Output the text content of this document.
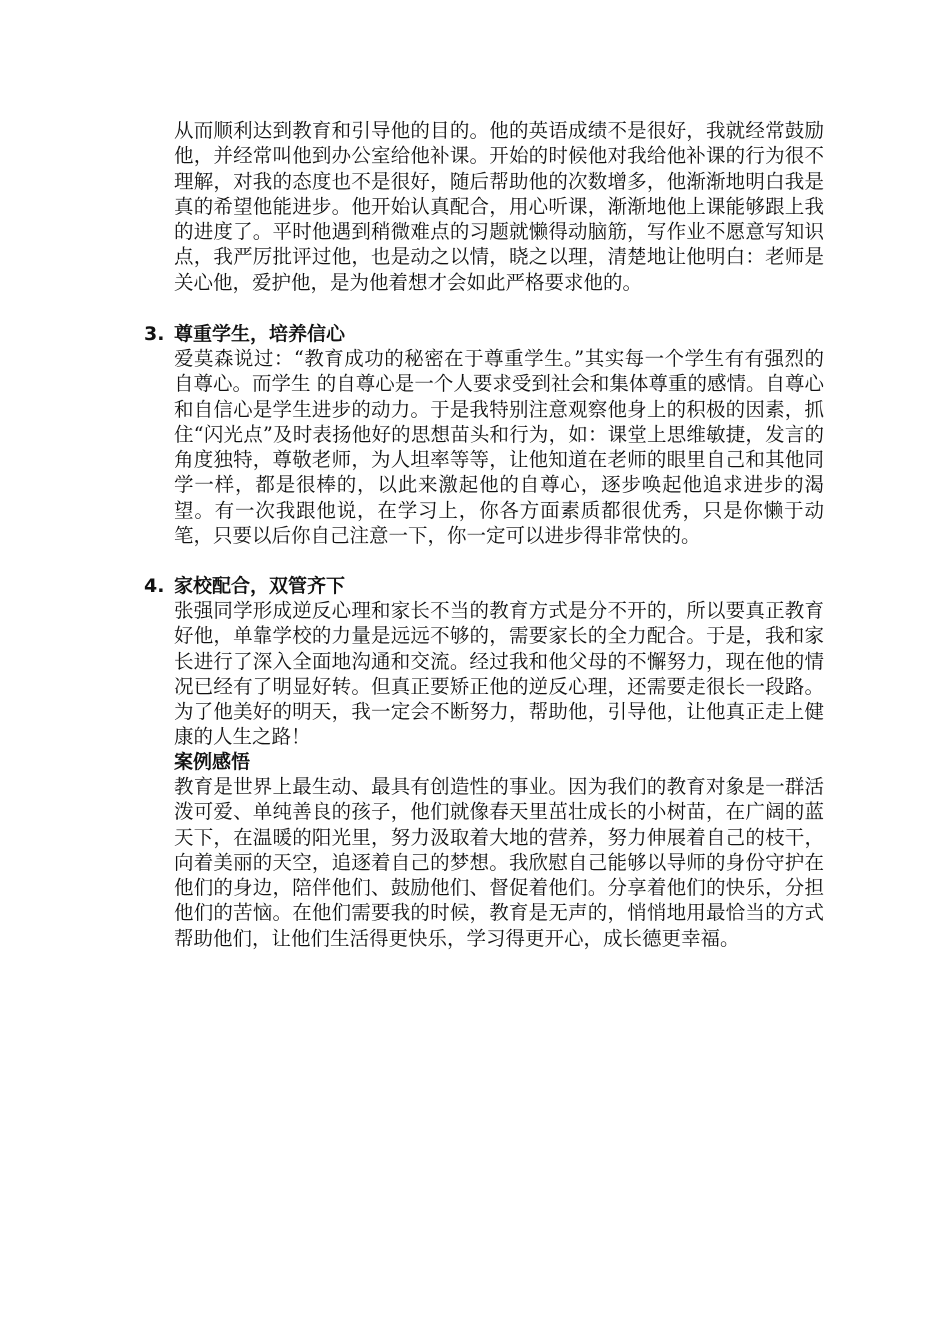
从而顺利达到教育和引导他的目的。他的英语成绩不是很好，我就经常鼓励他，并经常叫他到办公室给他补课。开始的时候他对我给他补课的行为很不理解，对我的态度也不是很好，随后帮助他的次数增多，他渐渐地明白我是真的希望他能进步。他开始认真配合，用心听课，渐渐地他上课能够跟上我的进度了。平时他遇到稍微难点的习题就懒得动脑筋，写作业不愿意写知识点，我严厉批评过他，也是动之以情，晓之以理，清楚地让他明白：老师是关心他，爱护他，是为他着想才会如此严格要求他的。

3. 尊重学生，培养信心

爱莫森说过：“教育成功的秘密在于尊重学生。”其实每一个学生有有强烈的自尊心。而学生 的自尊心是一个人要求受到社会和集体尊重的感情。自尊心和自信心是学生进步的动力。于是我特别注意观察他身上的积极的因素，抓住“闪光点”及时表扬他好的思想苗头和行为，如：课堂上思维敏捷，发言的角度独特，尊敬老师，为人坦率等等，让他知道在老师的眼里自己和其他同学一样，都是很棒的，以此来激起他的自尊心，逐步唤起他追求进步的渴望。有一次我跟他说，在学习上，你各方面素质都很优秀，只是你懒于动笔，只要以后你自己注意一下，你一定可以进步得非常快的。

4. 家校配合，双管齐下

张强同学形成逆反心理和家长不当的教育方式是分不开的，所以要真正教育好他，单靠学校的力量是远远不够的，需要家长的全力配合。于是，我和家长进行了深入全面地沟通和交流。经过我和他父母的不懈努力，现在他的情况已经有了明显好转。但真正要矫正他的逆反心理，还需要走很长一段路。为了他美好的明天，我一定会不断努力，帮助他，引导他，让他真正走上健康的人生之路！

案例感悟

教育是世界上最生动、最具有创造性的事业。因为我们的教育对象是一群活泼可爱、单纯善良的孩子，他们就像春天里茁壮成长的小树苗，在广阔的蓝天下，在温暖的阳光里，努力汲取着大地的营养，努力伸展着自己的枝干，向着美丽的天空，追逐着自己的梦想。我欣慰自己能够以导师的身份守护在他们的身边，陪伴他们、鼓励他们、督促着他们。分享着他们的快乐，分担他们的苦恼。在他们需要我的时候，教育是无声的，悄悄地用最恰当的方式帮助他们，让他们生活得更快乐，学习得更开心，成长德更幸福。
